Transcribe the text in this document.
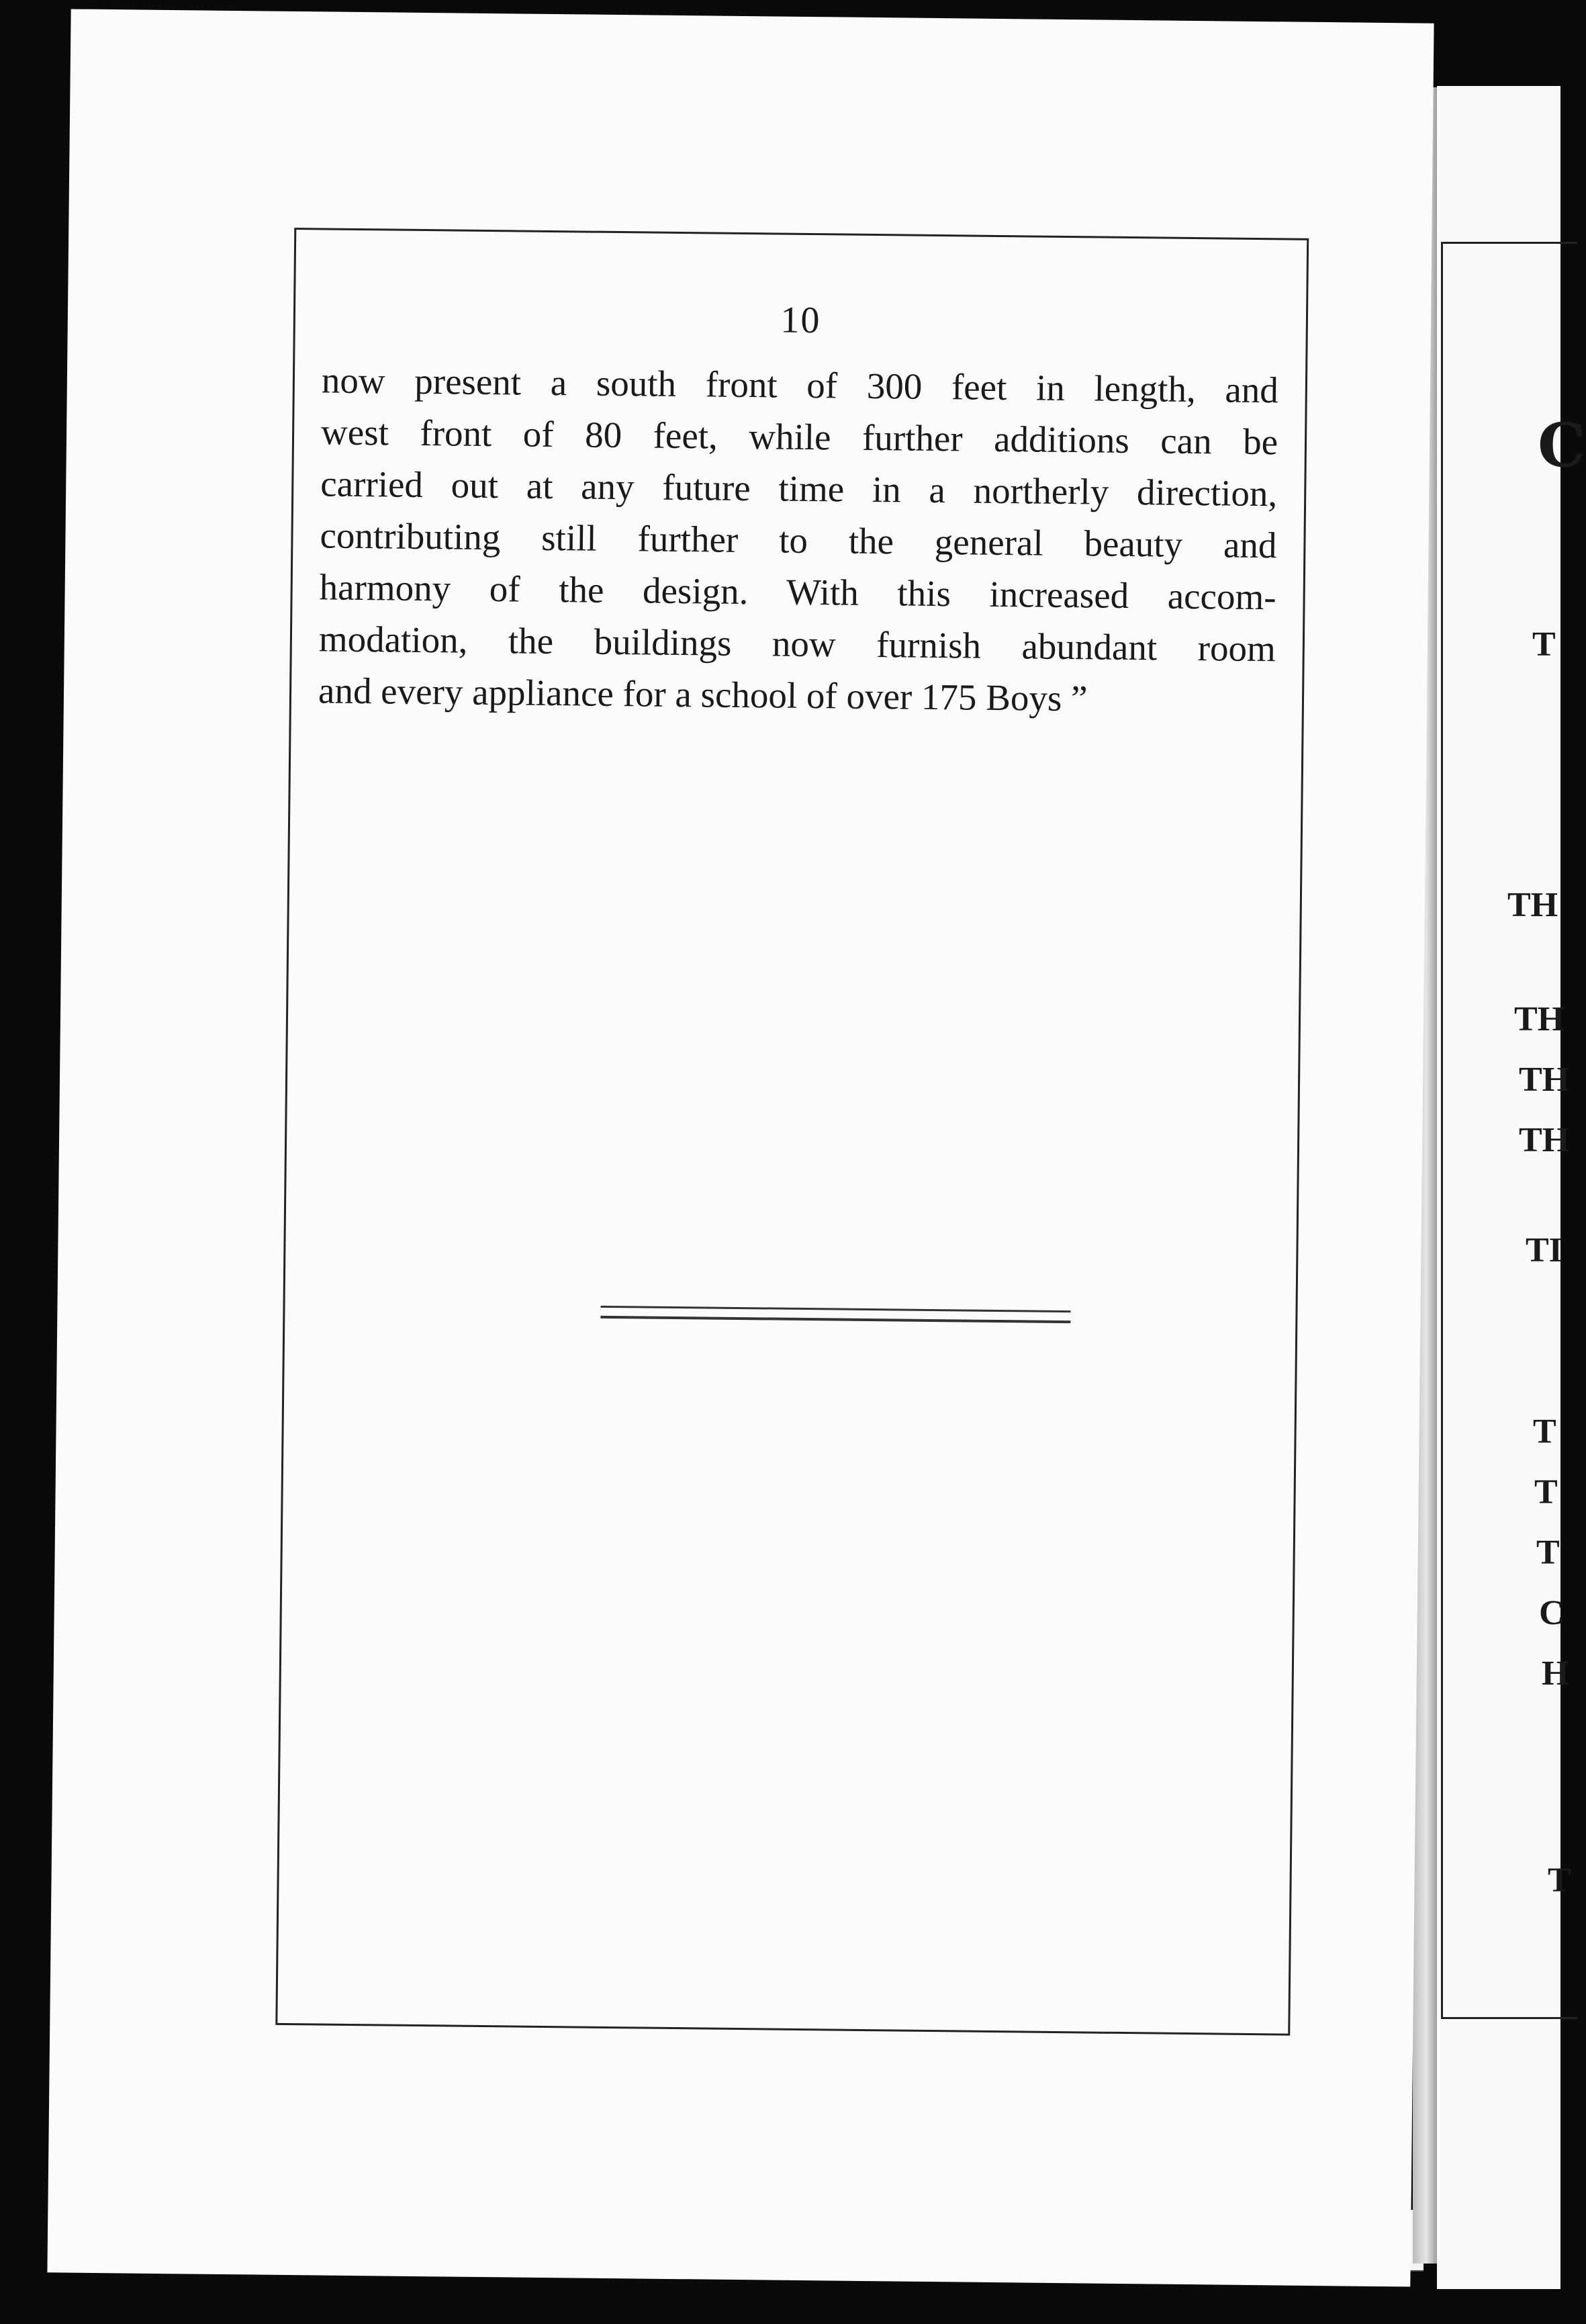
C
T
TH
TH
TH
TH
TI
T
T
T
C
H
T
10
now present a south front of 300 feet in length, and
west front of 80 feet, while further additions can be
carried out at any future time in a northerly direction,
contributing still further to the general beauty and
harmony of the design. With this increased accom-
modation, the buildings now furnish abundant room
and every appliance for a school of over 175 Boys ”
